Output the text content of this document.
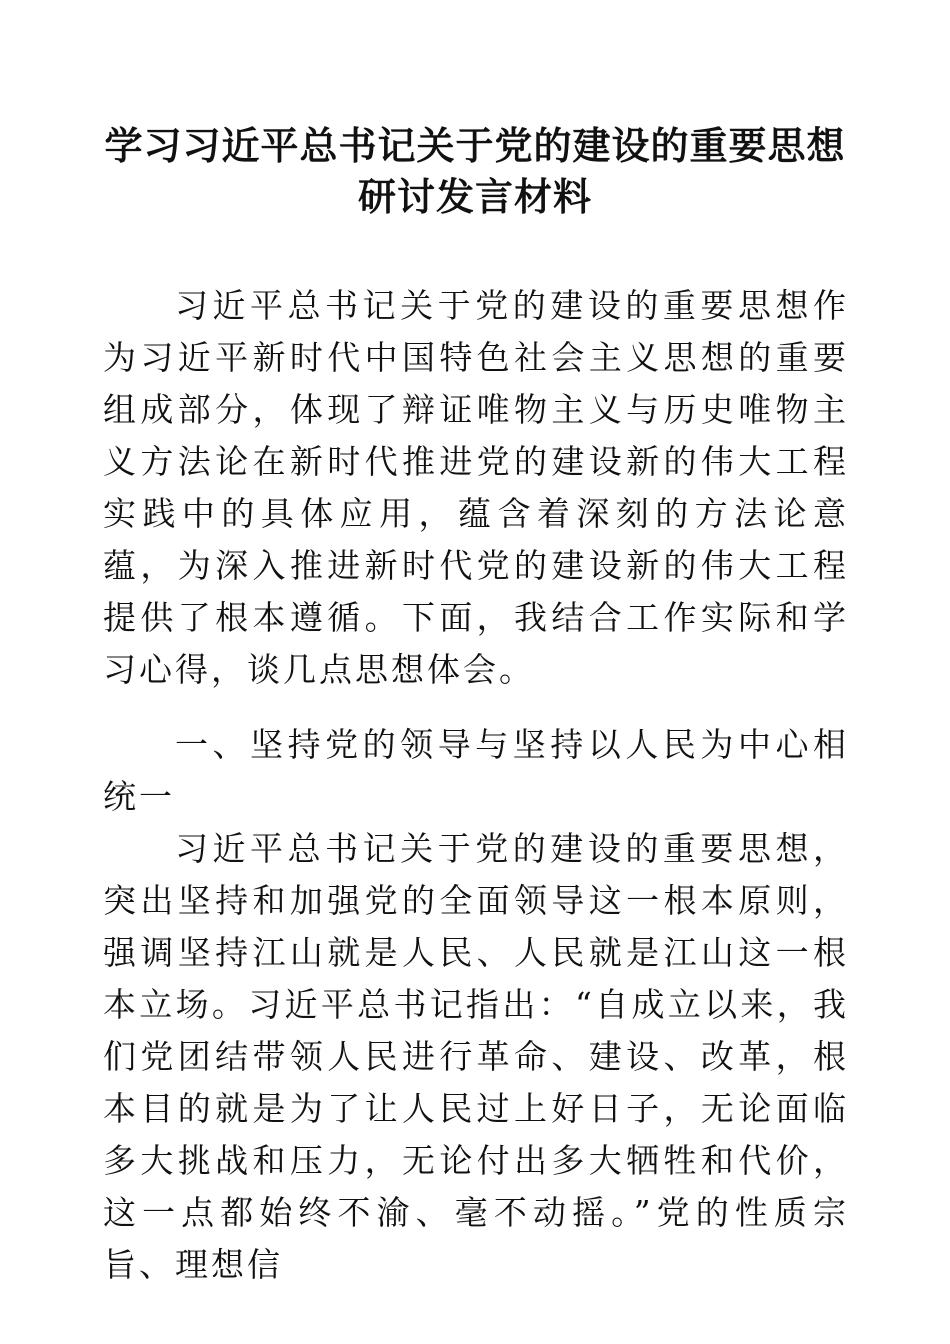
学习习近平总书记关于党的建设的重要思想研讨发言材料

习近平总书记关于党的建设的重要思想作为习近平新时代中国特色社会主义思想的重要组成部分，体现了辩证唯物主义与历史唯物主义方法论在新时代推进党的建设新的伟大工程实践中的具体应用，蕴含着深刻的方法论意蕴，为深入推进新时代党的建设新的伟大工程提供了根本遵循。下面，我结合工作实际和学习心得，谈几点思想体会。

一、坚持党的领导与坚持以人民为中心相统一

习近平总书记关于党的建设的重要思想，突出坚持和加强党的全面领导这一根本原则，强调坚持江山就是人民、人民就是江山这一根本立场。习近平总书记指出：“自成立以来，我们党团结带领人民进行革命、建设、改革，根本目的就是为了让人民过上好日子，无论面临多大挑战和压力，无论付出多大牺牲和代价，这一点都始终不渝、毫不动摇。”党的性质宗旨、理想信
